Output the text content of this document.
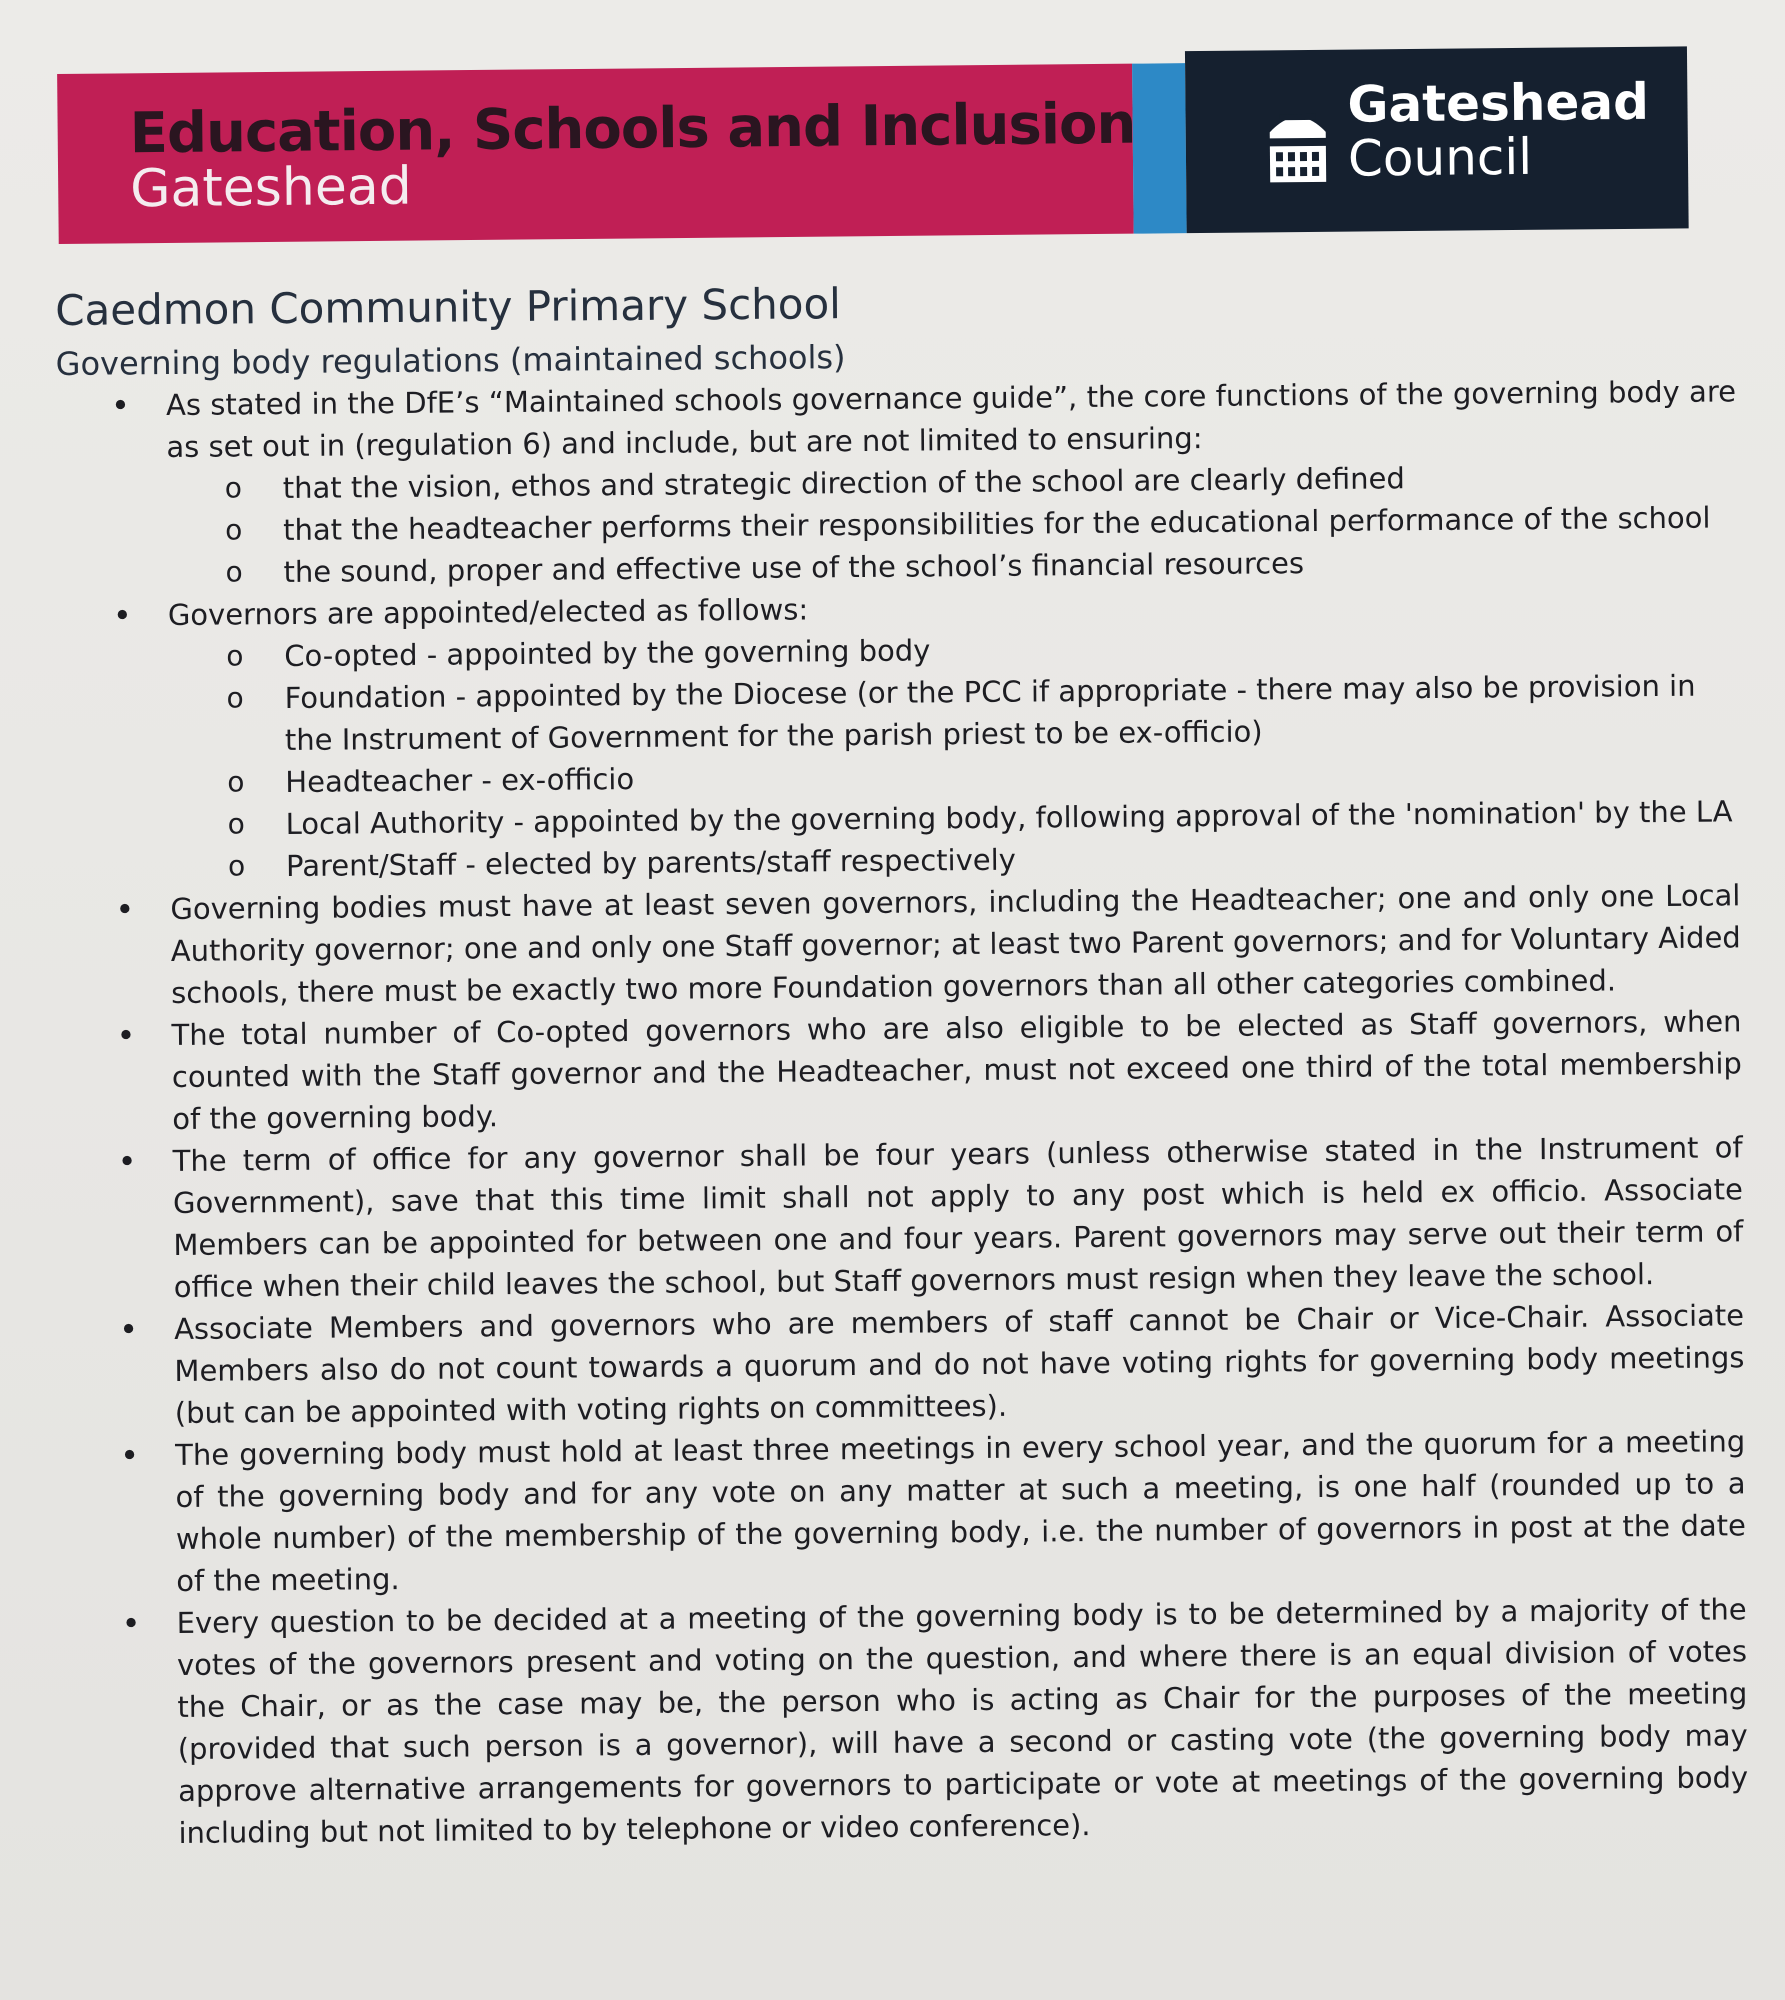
Education, Schools and Inclusion
Gateshead
Gateshead
Council
Caedmon Community Primary School
Governing body regulations (maintained schools)
• As stated in the DfE’s “Maintained schools governance guide”, the core functions of the governing body are as set out in (regulation 6) and include, but are not limited to ensuring:
o that the vision, ethos and strategic direction of the school are clearly defined
o that the headteacher performs their responsibilities for the educational performance of the school
o the sound, proper and effective use of the school’s financial resources
• Governors are appointed/elected as follows:
o Co-opted - appointed by the governing body
o Foundation - appointed by the Diocese (or the PCC if appropriate - there may also be provision in the Instrument of Government for the parish priest to be ex-officio)
o Headteacher - ex-officio
o Local Authority - appointed by the governing body, following approval of the 'nomination' by the LA
o Parent/Staff - elected by parents/staff respectively
• Governing bodies must have at least seven governors, including the Headteacher; one and only one Local Authority governor; one and only one Staff governor; at least two Parent governors; and for Voluntary Aided schools, there must be exactly two more Foundation governors than all other categories combined.
• The total number of Co-opted governors who are also eligible to be elected as Staff governors, when counted with the Staff governor and the Headteacher, must not exceed one third of the total membership of the governing body.
• The term of office for any governor shall be four years (unless otherwise stated in the Instrument of Government), save that this time limit shall not apply to any post which is held ex officio. Associate Members can be appointed for between one and four years. Parent governors may serve out their term of office when their child leaves the school, but Staff governors must resign when they leave the school.
• Associate Members and governors who are members of staff cannot be Chair or Vice-Chair. Associate Members also do not count towards a quorum and do not have voting rights for governing body meetings (but can be appointed with voting rights on committees).
• The governing body must hold at least three meetings in every school year, and the quorum for a meeting of the governing body and for any vote on any matter at such a meeting, is one half (rounded up to a whole number) of the membership of the governing body, i.e. the number of governors in post at the date of the meeting.
• Every question to be decided at a meeting of the governing body is to be determined by a majority of the votes of the governors present and voting on the question, and where there is an equal division of votes the Chair, or as the case may be, the person who is acting as Chair for the purposes of the meeting (provided that such person is a governor), will have a second or casting vote (the governing body may approve alternative arrangements for governors to participate or vote at meetings of the governing body including but not limited to by telephone or video conference).
